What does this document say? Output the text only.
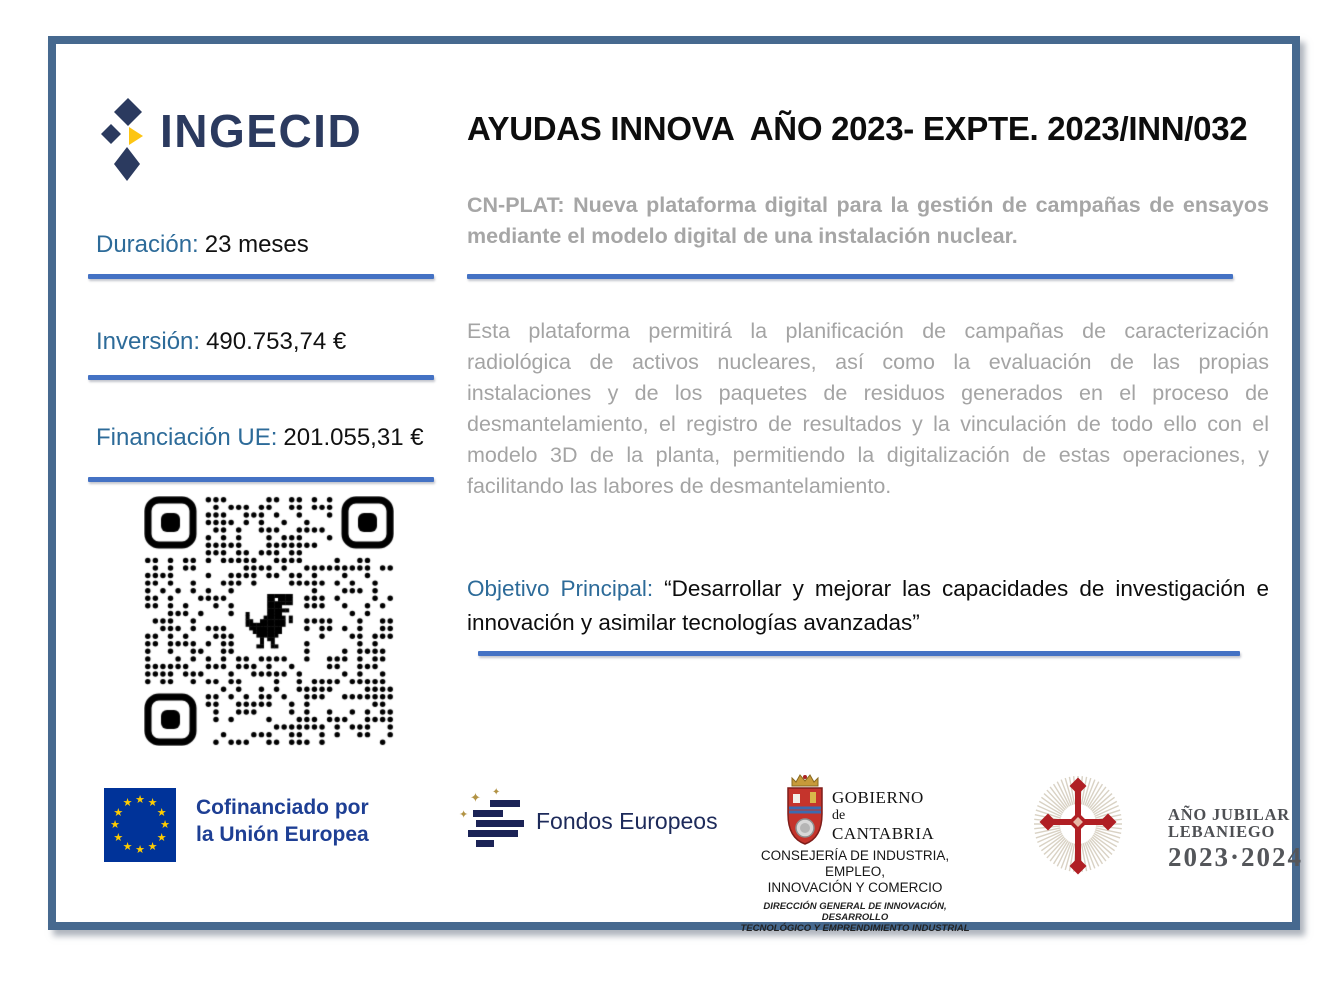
INGECID	AYUDAS INNOVA  AÑO 2023- EXPTE. 2023/INN/032
CN-PLAT: Nueva plataforma digital para la gestión de campañas de ensayos mediante el modelo digital de una instalación nuclear.
Duración: 23 meses
Inversión: 490.753,74 €
Financiación UE: 201.055,31 €
Esta plataforma permitirá la planificación de campañas de caracterización radiológica de activos nucleares, así como la evaluación de las propias instalaciones y de los paquetes de residuos generados en el proceso de desmantelamiento, el registro de resultados y la vinculación de todo ello con el modelo 3D de la planta, permitiendo la digitalización de estas operaciones, y facilitando las labores de desmantelamiento.
Objetivo Principal: “Desarrollar y mejorar las capacidades de investigación e innovación y asimilar tecnologías avanzadas”
★ ★
★
★
★
★
★
★
★
★
★
★	Cofinanciado por
la Unión Europea
✦ ✦
✦	Fondos Europeos
GOBIERNO
de
CANTABRIA
CONSEJERÍA DE INDUSTRIA, EMPLEO,
INNOVACIÓN Y COMERCIO
DIRECCIÓN GENERAL DE INNOVACIÓN, DESARROLLO
TECNOLÓGICO Y EMPRENDIMIENTO INDUSTRIAL
AÑO JUBILAR
LEBANIEGO
2023·2024
